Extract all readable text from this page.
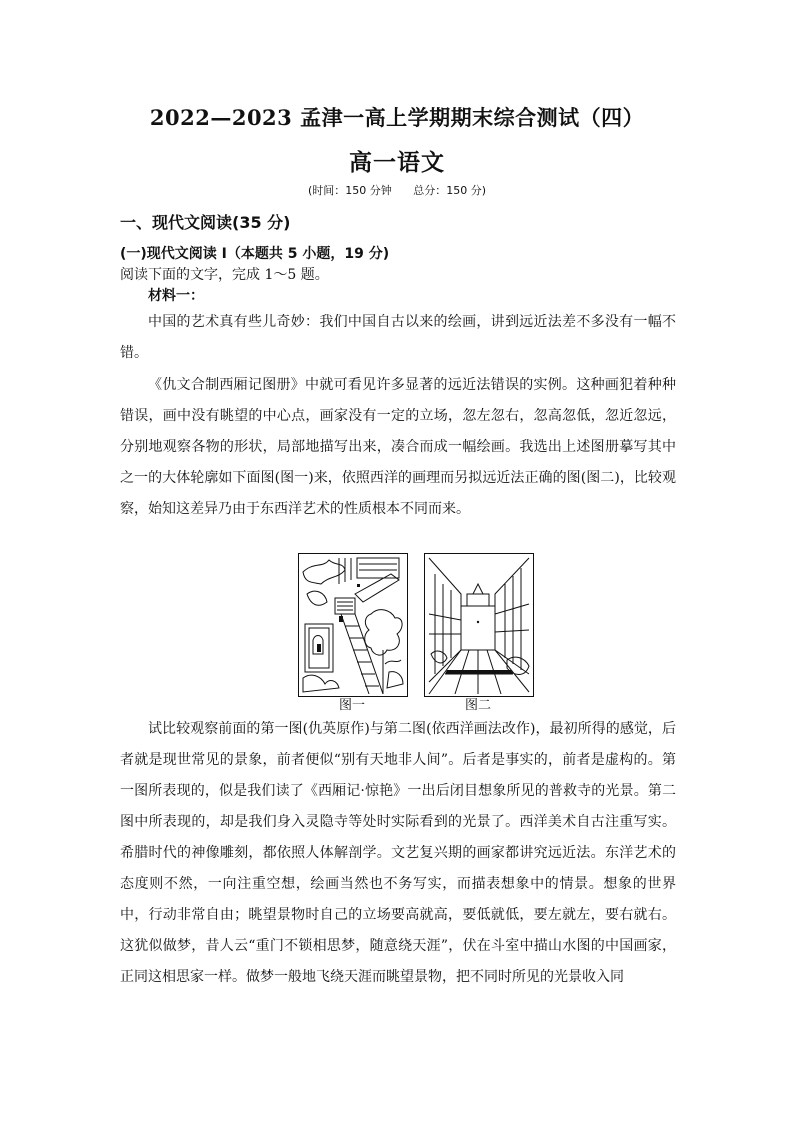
2022—2023 孟津一高上学期期末综合测试（四）
高一语文
(时间：150 分钟 总分：150 分)
一、现代文阅读(35 分)
(一)现代文阅读 I（本题共 5 小题，19 分)
阅读下面的文字，完成 1～5 题。
材料一：

中国的艺术真有些儿奇妙：我们中国自古以来的绘画，讲到远近法差不多没有一幅不错。

《仇文合制西厢记图册》中就可看见许多显著的远近法错误的实例。这种画犯着种种错误，画中没有眺望的中心点，画家没有一定的立场，忽左忽右，忽高忽低，忽近忽远，分别地观察各物的形状，局部地描写出来，凑合而成一幅绘画。我选出上述图册摹写其中之一的大体轮廓如下面图(图一)来，依照西洋的画理而另拟远近法正确的图(图二)，比较观察，始知这差异乃由于东西洋艺术的性质根本不同而来。

图一	图二

试比较观察前面的第一图(仇英原作)与第二图(依西洋画法改作)，最初所得的感觉，后者就是现世常见的景象，前者便似“别有天地非人间”。后者是事实的，前者是虚构的。第一图所表现的，似是我们读了《西厢记·惊艳》一出后闭目想象所见的普救寺的光景。第二图中所表现的，却是我们身入灵隐寺等处时实际看到的光景了。西洋美术自古注重写实。希腊时代的神像雕刻，都依照人体解剖学。文艺复兴期的画家都讲究远近法。东洋艺术的态度则不然，一向注重空想，绘画当然也不务写实，而描表想象中的情景。想象的世界中，行动非常自由；眺望景物时自己的立场要高就高，要低就低，要左就左，要右就右。这犹似做梦，昔人云“重门不锁相思梦，随意绕天涯”，伏在斗室中描山水图的中国画家，正同这相思家一样。做梦一般地飞绕天涯而眺望景物，把不同时所见的光景收入同
